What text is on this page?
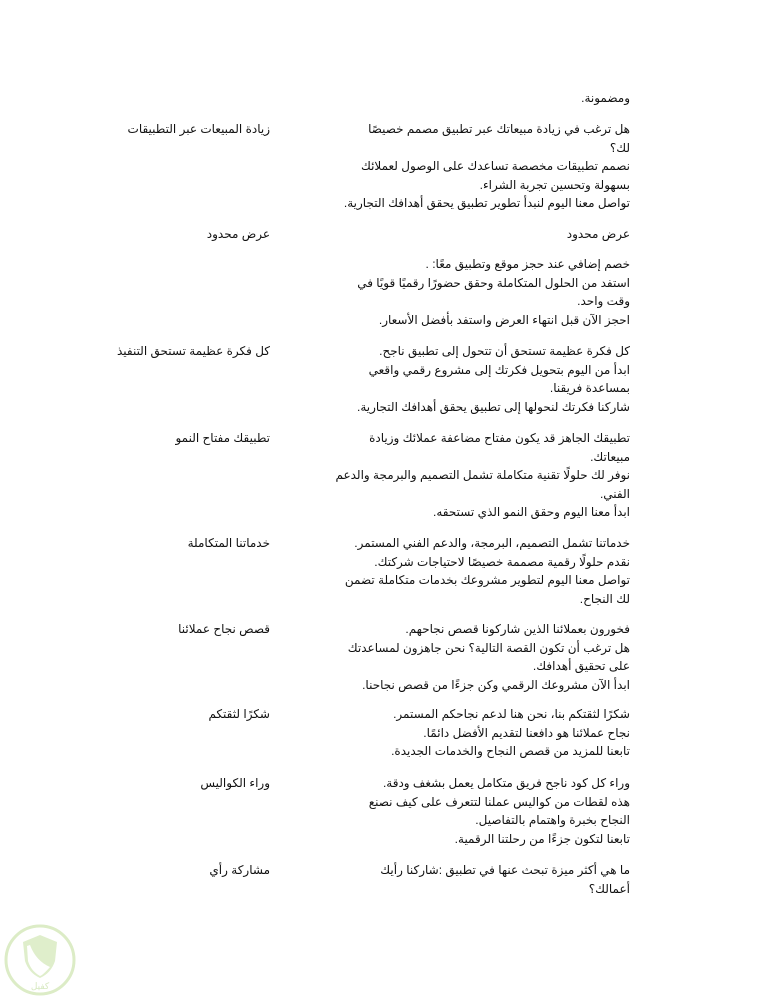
ومضمونة.
زيادة المبيعات عبر التطبيقات	هل ترغب في زيادة مبيعاتك عبر تطبيق مصمم خصيصًا
لك؟
نصمم تطبيقات مخصصة تساعدك على الوصول لعملائك
بسهولة وتحسين تجربة الشراء.
تواصل معنا اليوم لنبدأ تطوير تطبيق يحقق أهدافك التجارية.
عرض محدود	عرض محدود
خصم إضافي عند حجز موقع وتطبيق معًا: .
استفد من الحلول المتكاملة وحقق حضورًا رقميًا قويًا في
وقت واحد.
احجز الآن قبل انتهاء العرض واستفد بأفضل الأسعار.
كل فكرة عظيمة تستحق التنفيذ	كل فكرة عظيمة تستحق أن تتحول إلى تطبيق ناجح.
ابدأ من اليوم بتحويل فكرتك إلى مشروع رقمي واقعي
بمساعدة فريقنا.
شاركنا فكرتك لنحولها إلى تطبيق يحقق أهدافك التجارية.
تطبيقك مفتاح النمو	تطبيقك الجاهز قد يكون مفتاح مضاعفة عملائك وزيادة
مبيعاتك.
نوفر لك حلولًا تقنية متكاملة تشمل التصميم والبرمجة والدعم
الفني.
ابدأ معنا اليوم وحقق النمو الذي تستحقه.
خدماتنا المتكاملة	خدماتنا تشمل التصميم، البرمجة، والدعم الفني المستمر.
نقدم حلولًا رقمية مصممة خصيصًا لاحتياجات شركتك.
تواصل معنا اليوم لتطوير مشروعك بخدمات متكاملة تضمن
لك النجاح.
قصص نجاح عملائنا	فخورون بعملائنا الذين شاركونا قصص نجاحهم.
هل ترغب أن تكون القصة التالية؟ نحن جاهزون لمساعدتك
على تحقيق أهدافك.
ابدأ الآن مشروعك الرقمي وكن جزءًا من قصص نجاحنا.
شكرًا لثقتكم	شكرًا لثقتكم بنا، نحن هنا لدعم نجاحكم المستمر.
نجاح عملائنا هو دافعنا لتقديم الأفضل دائمًا.
تابعنا للمزيد من قصص النجاح والخدمات الجديدة.
وراء الكواليس	وراء كل كود ناجح فريق متكامل يعمل بشغف ودقة.
هذه لقطات من كواليس عملنا لتتعرف على كيف نصنع
النجاح بخبرة واهتمام بالتفاصيل.
تابعنا لتكون جزءًا من رحلتنا الرقمية.
مشاركة رأي	ما هي أكثر ميزة تبحث عنها في تطبيق :شاركنا رأيك
أعمالك؟
كفيل
